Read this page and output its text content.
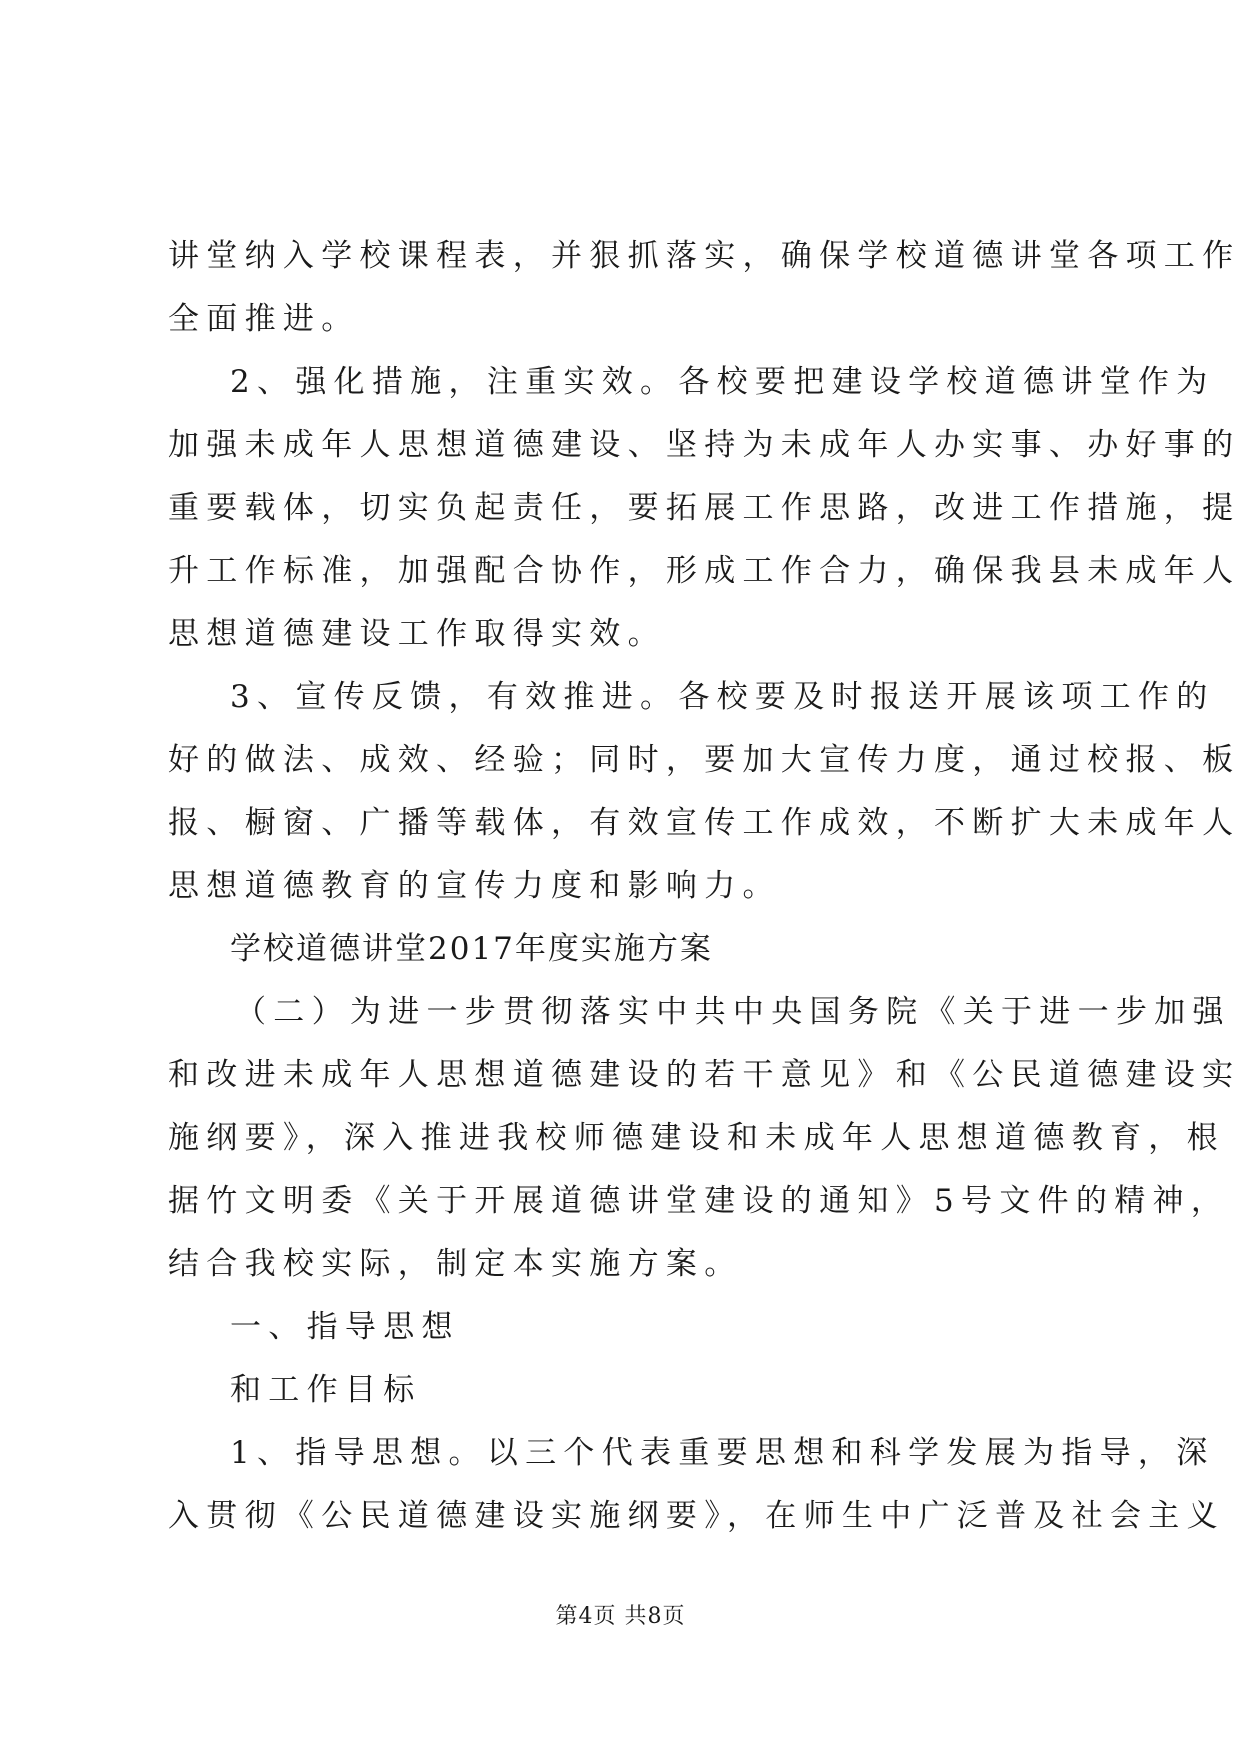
讲堂纳入学校课程表，并狠抓落实，确保学校道德讲堂各项工作
全面推进。
2、强化措施，注重实效。各校要把建设学校道德讲堂作为
加强未成年人思想道德建设、坚持为未成年人办实事、办好事的
重要载体，切实负起责任，要拓展工作思路，改进工作措施，提
升工作标准，加强配合协作，形成工作合力，确保我县未成年人
思想道德建设工作取得实效。
3、宣传反馈，有效推进。各校要及时报送开展该项工作的
好的做法、成效、经验；同时，要加大宣传力度，通过校报、板
报、橱窗、广播等载体，有效宣传工作成效，不断扩大未成年人
思想道德教育的宣传力度和影响力。
学校道德讲堂2017年度实施方案
（二）为进一步贯彻落实中共中央国务院《关于进一步加强
和改进未成年人思想道德建设的若干意见》和《公民道德建设实
施纲要》，深入推进我校师德建设和未成年人思想道德教育，根
据竹文明委《关于开展道德讲堂建设的通知》5号文件的精神，
结合我校实际，制定本实施方案。
一、指导思想
和工作目标
1、指导思想。以三个代表重要思想和科学发展为指导，深
入贯彻《公民道德建设实施纲要》，在师生中广泛普及社会主义
第4页 共8页
